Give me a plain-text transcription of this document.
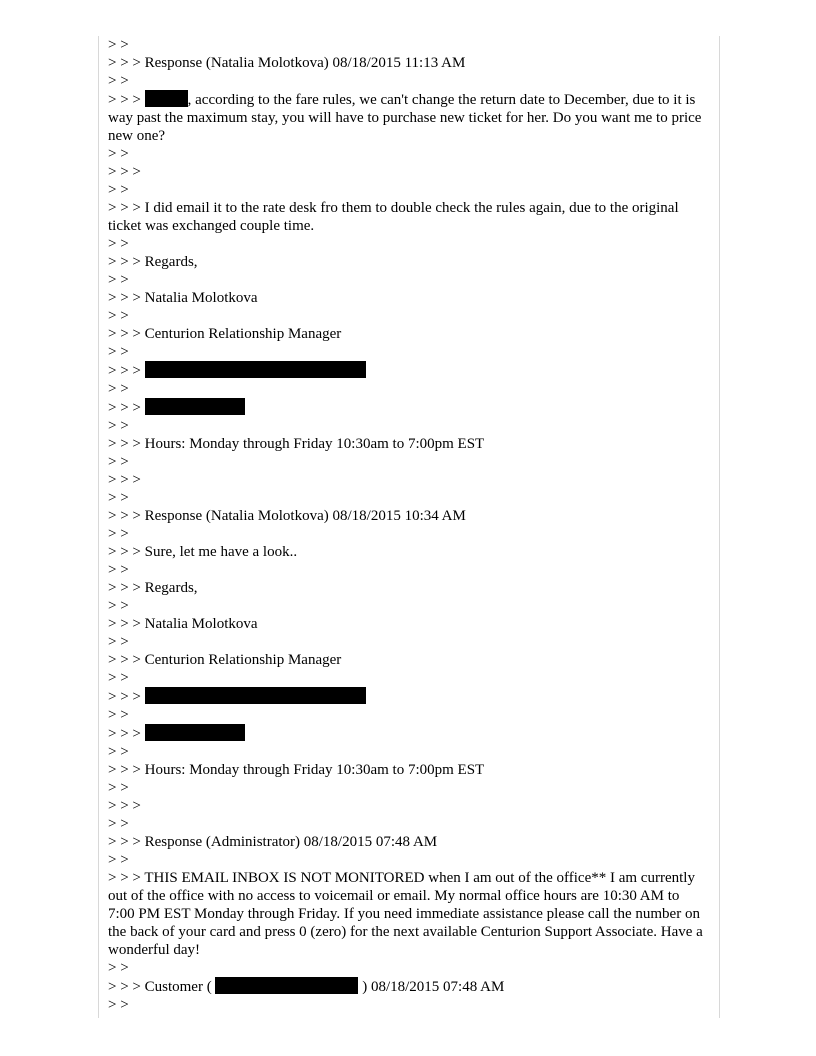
> >

> > > Response (Natalia Molotkova) 08/18/2015 11:13 AM

> >

> > >	, according to the fare rules, we can't change the return date to December, due to it is way past the maximum stay, you will have to purchase new ticket for her. Do you want me to price new one?

> >

> > >

> >

> > > I did email it to the rate desk fro them to double check the rules again, due to the original ticket was exchanged couple time.

> >

> > > Regards,

> >

> > > Natalia Molotkova

> >

> > > Centurion Relationship Manager

> >

> > >

> >

> > >

> >

> > > Hours: Monday through Friday 10:30am to 7:00pm EST

> >

> > >

> >

> > > Response (Natalia Molotkova) 08/18/2015 10:34 AM

> >

> > > Sure, let me have a look..

> >

> > > Regards,

> >

> > > Natalia Molotkova

> >

> > > Centurion Relationship Manager

> >

> > >

> >

> > >

> >

> > > Hours: Monday through Friday 10:30am to 7:00pm EST

> >

> > >

> >

> > > Response (Administrator) 08/18/2015 07:48 AM

> >

> > > THIS EMAIL INBOX IS NOT MONITORED when I am out of the office** I am currently out of the office with no access to voicemail or email. My normal office hours are 10:30 AM to 7:00 PM EST Monday through Friday. If you need immediate assistance please call the number on the back of your card and press 0 (zero) for the next available Centurion Support Associate. Have a wonderful day!

> >

> > > Customer (	) 08/18/2015 07:48 AM

> >
